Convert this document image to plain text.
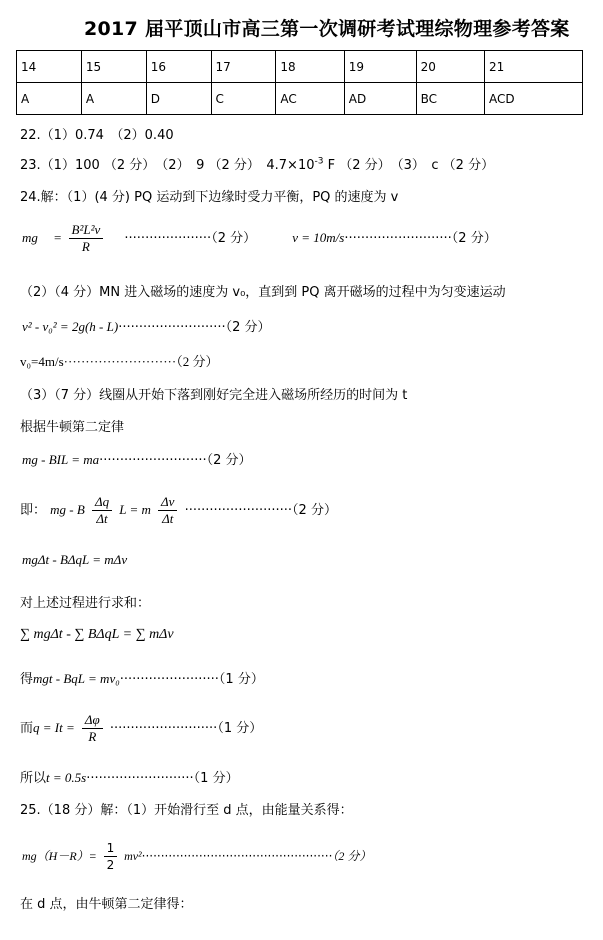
2017 届平顶山市高三第一次调研考试理综物理参考答案
14	15	16	17	18	19	20	21
A	A	D	C	AC	AD	BC	ACD
22.（1）0.74　（2）0.40
23.（1）100 （2 分）　（2）　9 （2 分）　$4.7\times 10^{-3}$ F （2 分）　（3）　c （2 分）
24.解：（1）(4 分) PQ 运动到下边缘时受力平衡，PQ 的速度为 v
mg = $\frac{\text{B²L²v}}{R} \cdot\cdot\cdot\cdot\cdot\cdot\cdot\cdot\cdot\cdot\cdot\cdot\cdot\cdot\cdot\cdot\cdot\cdot\cdot\cdot\cdot(2$ 分）	v = 10m/s··························（2 分）
（2）（4 分）MN 进入磁场的速度为 v₀，直到到 PQ 离开磁场的过程中为匀变速运动
v² - v₀² = 2g(h - L)··························（2 分）
v₀=4m/s··························（2 分）
（3）（7 分）线圈从开始下落到刚好完全进入磁场所经历的时间为 t
根据牛顿第二定律
mg - BIL = ma··························（2 分）
即： mg - B $\frac{\Delta q}{\Delta t}$ L = m $\frac{\Delta v}{\Delta t} \cdot\cdot\cdot\cdot\cdot\cdot\cdot\cdot\cdot\cdot\cdot\cdot\cdot\cdot\cdot\cdot\cdot\cdot\cdot\cdot\cdot\cdot\cdot\cdot\cdot\cdot(2$ 分）
mgΔt - BΔqL = mΔv
对上述过程进行求和：
∑ mgΔt - ∑ BΔqL = ∑ mΔv
得mgt - BqL = mv₀························（1 分）
而$q = It = \frac{\Delta\varphi}{R} \cdot\cdot\cdot\cdot\cdot\cdot\cdot\cdot\cdot\cdot\cdot\cdot\cdot\cdot\cdot\cdot\cdot\cdot\cdot\cdot\cdot\cdot\cdot\cdot\cdot\cdot(1$ 分）
所以t = 0.5s··························（1 分）
25.（18 分）解：（1）开始滑行至 d 点，由能量关系得：
$mg(H-R)= \frac{1}{2} mv^2\cdot\cdot\cdot\cdot\cdot\cdot\cdot\cdot\cdot\cdot\cdot\cdot\cdot\cdot\cdot\cdot\cdot\cdot\cdot\cdot\cdot\cdot\cdot\cdot\cdot\cdot\cdot\cdot\cdot\cdot\cdot\cdot\cdot\cdot\cdot\cdot\cdot\cdot\cdot\cdot\cdot\cdot\cdot\cdot\cdot\cdot\cdot\cdot\cdot\cdot(2$ 分）
在 d 点，由牛顿第二定律得：
